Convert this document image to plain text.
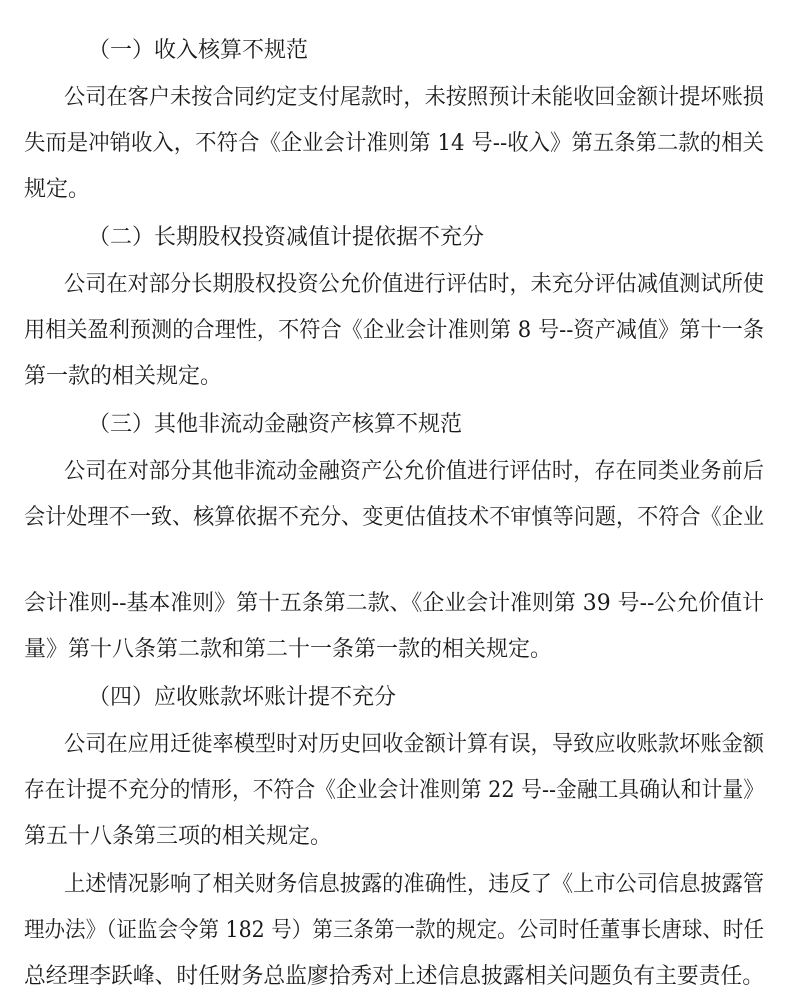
（一）收入核算不规范
公司在客户未按合同约定支付尾款时，未按照预计未能收回金额计提坏账损
失而是冲销收入，不符合《企业会计准则第 14 号--收入》第五条第二款的相关
规定。
（二）长期股权投资减值计提依据不充分
公司在对部分长期股权投资公允价值进行评估时，未充分评估减值测试所使
用相关盈利预测的合理性，不符合《企业会计准则第 8 号--资产减值》第十一条
第一款的相关规定。
（三）其他非流动金融资产核算不规范
公司在对部分其他非流动金融资产公允价值进行评估时，存在同类业务前后
会计处理不一致、核算依据不充分、变更估值技术不审慎等问题，不符合《企业
会计准则--基本准则》第十五条第二款、《企业会计准则第 39 号--公允价值计
量》第十八条第二款和第二十一条第一款的相关规定。
（四）应收账款坏账计提不充分
公司在应用迁徙率模型时对历史回收金额计算有误，导致应收账款坏账金额
存在计提不充分的情形，不符合《企业会计准则第 22 号--金融工具确认和计量》
第五十八条第三项的相关规定。
上述情况影响了相关财务信息披露的准确性，违反了《上市公司信息披露管
理办法》（证监会令第 182 号）第三条第一款的规定。公司时任董事长唐球、时任
总经理李跃峰、时任财务总监廖拾秀对上述信息披露相关问题负有主要责任。
